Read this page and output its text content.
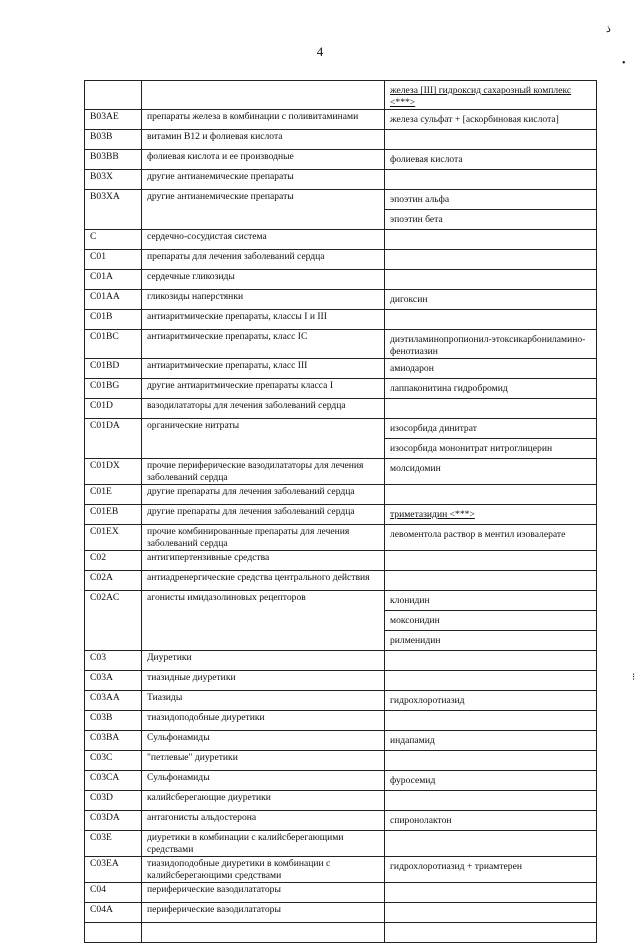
ذ
4
•
⁝
		железа [III] гидроксид сахарозный комплекс <***>
B03AE	препараты железа в комбинации с поливитаминами	железа сульфат + [аскорбиновая кислота]
B03B	витамин B12 и фолиевая кислота	
B03BB	фолиевая кислота и ее производные	фолиевая кислота
B03X	другие антианемические препараты	
B03XA	другие антианемические препараты	эпоэтин альфа
		эпоэтин бета
C	сердечно-сосудистая система	
C01	препараты для лечения заболеваний сердца	
C01A	сердечные гликозиды	
C01AA	гликозиды наперстянки	дигоксин
C01B	антиаритмические препараты, классы I и III	
C01BC	антиаритмические препараты, класс IC	диэтиламинопропионил-этоксикарбониламино-фенотиазин
C01BD	антиаритмические препараты, класс III	амиодарон
C01BG	другие антиаритмические препараты класса I	лаппаконитина гидробромид
C01D	вазодилататоры для лечения заболеваний сердца	
C01DA	органические нитраты	изосорбида динитрат
		изосорбида мононитрат нитроглицерин
C01DX	прочие периферические вазодилататоры для лечения заболеваний сердца	молсидомин
C01E	другие препараты для лечения заболеваний сердца	
C01EB	другие препараты для лечения заболеваний сердца	триметазидин <***>
C01EX	прочие комбинированные препараты для лечения заболеваний сердца	левоментола раствор в ментил изовалерате
C02	антигипертензивные средства	
C02A	антиадренергические средства центрального действия	
C02AC	агонисты имидазолиновых рецепторов	клонидин
		моксонидин
		рилменидин
C03	Диуретики	
C03A	тиазидные диуретики	
C03AA	Тиазиды	гидрохлоротиазид
C03B	тиазидоподобные диуретики	
C03BA	Сульфонамиды	индапамид
C03C	"петлевые" диуретики	
C03CA	Сульфонамиды	фуросемид
C03D	калийсберегающие диуретики	
C03DA	антагонисты альдостерона	спиронолактон
C03E	диуретики в комбинации с калийсберегающими средствами	
C03EA	тиазидоподобные диуретики в комбинации с калийсберегающими средствами	гидрохлоротиазид + триамтерен
C04	периферические вазодилататоры	
C04A	периферические вазодилататоры	
